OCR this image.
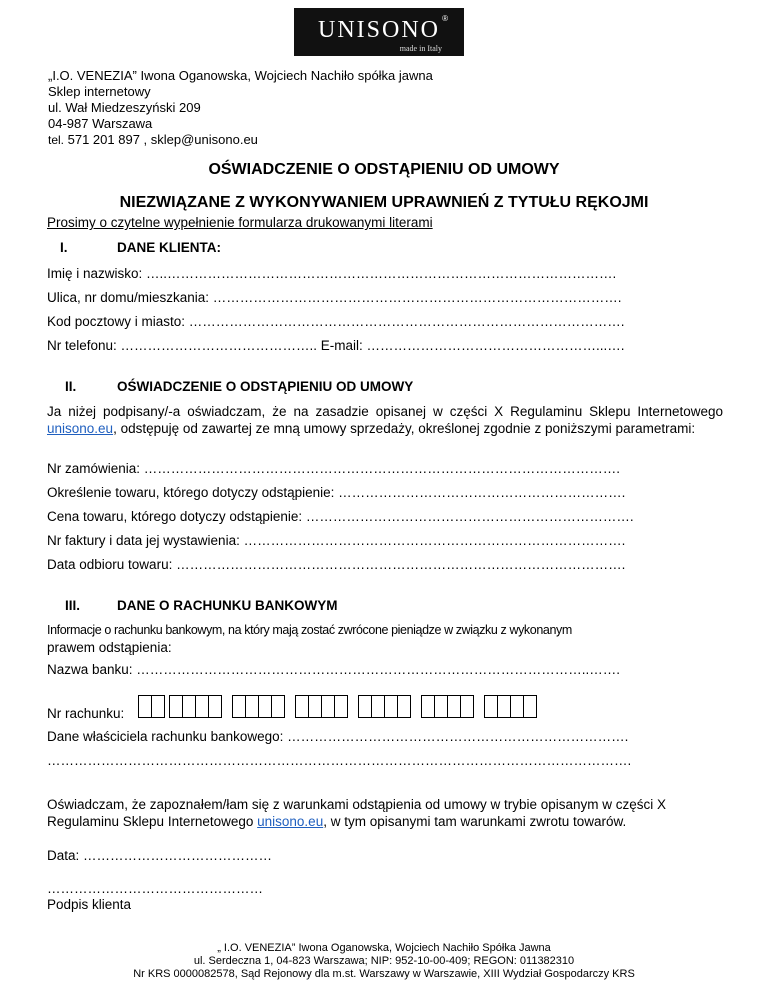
UNISONO ®
made in Italy
„I.O. VENEZIA” Iwona Oganowska, Wojciech Nachiło spółka jawna
Sklep internetowy
ul. Wał Miedzeszyński 209
04-987 Warszawa
tel. 571 201 897 , sklep@unisono.eu
OŚWIADCZENIE O ODSTĄPIENIU OD UMOWY
NIEZWIĄZANE Z WYKONYWANIEM UPRAWNIEŃ Z TYTUŁU RĘKOJMI
Prosimy o czytelne wypełnienie formularza drukowanymi literami
I.	DANE KLIENTA:
Imię i nazwisko: …..……………………………………………………………………………………….
Ulica, nr domu/mieszkania: ……………………………………………………………………………….
Kod pocztowy i miasto: …………………………………………………………………………………….
Nr telefonu: …………………………………….. E-mail: ……………………………………………...….
II.	OŚWIADCZENIE O ODSTĄPIENIU OD UMOWY
Ja niżej podpisany/-a oświadczam, że na zasadzie opisanej w części X Regulaminu Sklepu Internetowego unisono.eu, odstępuję od zawartej ze mną umowy sprzedaży, określonej zgodnie z poniższymi parametrami:
Nr zamówienia: …………………………………………………………………………………………….
Określenie towaru, którego dotyczy odstąpienie: ……………………………………………………….
Cena towaru, którego dotyczy odstąpienie: ……………………………………………………………….
Nr faktury i data jej wystawienia: ………………………………………………………………………….
Data odbioru towaru: ……………………………………………………………………………………….
III.	DANE O RACHUNKU BANKOWYM
Informacje o rachunku bankowym, na który mają zostać zwrócone pieniądze w związku z wykonanym
prawem odstąpienia:
Nazwa banku: ………………………………………………………………………………………..…….
Nr rachunku:
Dane właściciela rachunku bankowego: ………………………………………………………………….
………………………………………………………………………………………………………………….
Oświadczam, że zapoznałem/łam się z warunkami odstąpienia od umowy w trybie opisanym w części X Regulaminu Sklepu Internetowego unisono.eu, w tym opisanymi tam warunkami zwrotu towarów.
Data: ……………………………………
…………………………………………
Podpis klienta
„ I.O. VENEZIA” Iwona Oganowska, Wojciech Nachiło Spółka Jawna
ul. Serdeczna 1, 04-823 Warszawa; NIP: 952-10-00-409; REGON: 011382310
Nr KRS 0000082578, Sąd Rejonowy dla m.st. Warszawy w Warszawie, XIII Wydział Gospodarczy KRS
